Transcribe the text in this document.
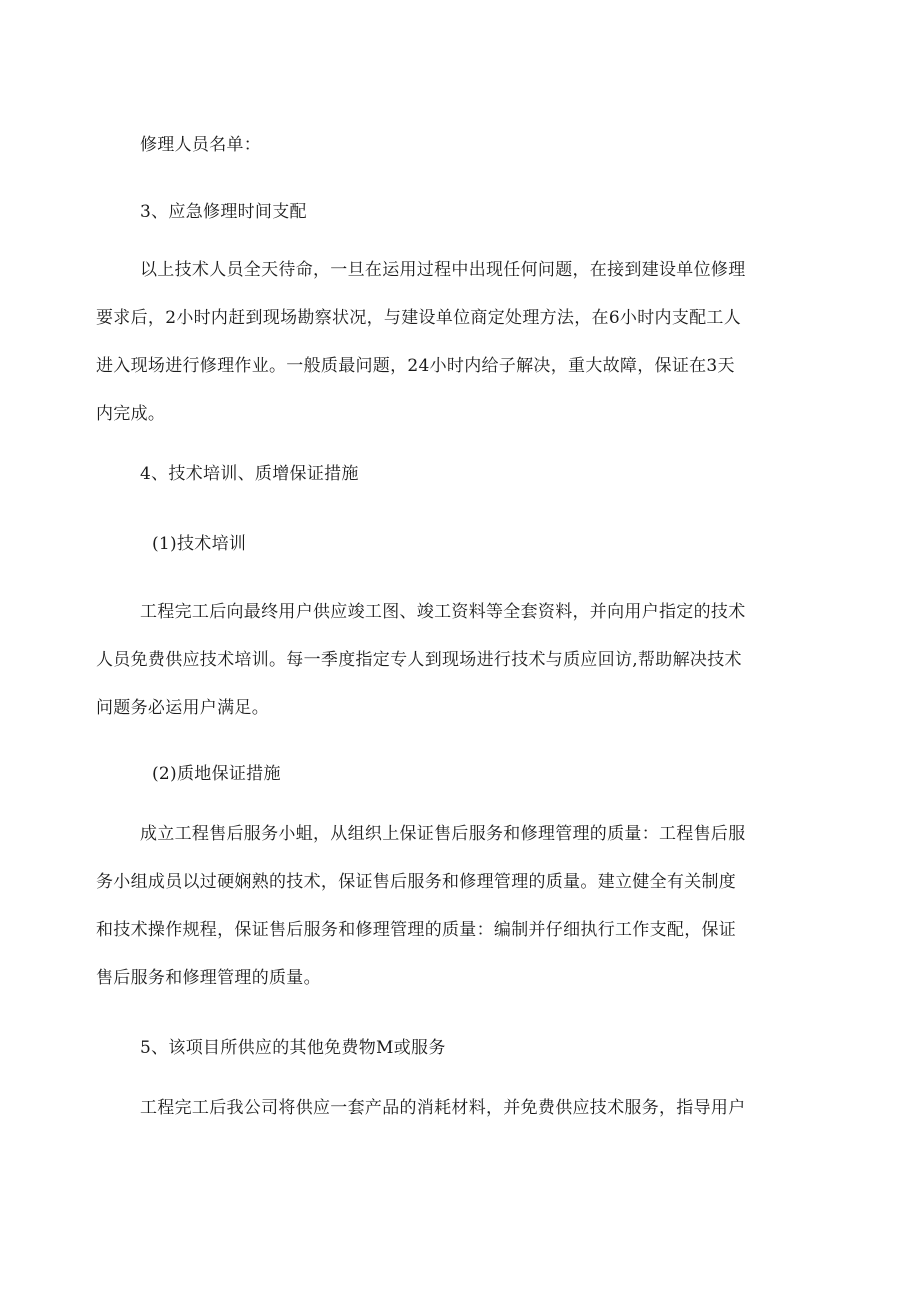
修理人员名单：
3、应急修理时间支配
以上技术人员全天待命，一旦在运用过程中出现任何问题，在接到建设单位修理
要求后，2小时内赶到现场勘察状况，与建设单位商定处理方法，在6小时内支配工人
进入现场进行修理作业。一般质最问题，24小时内给子解决，重大故障，保证在3天
内完成。
4、技术培训、质增保证措施
(1)技术培训
工程完工后向最终用户供应竣工图、竣工资料等全套资料，并向用户指定的技术
人员免费供应技术培训。每一季度指定专人到现场进行技术与质应回访,帮助解决技术
问题务必运用户满足。
(2)质地保证措施
成立工程售后服务小蛆，从组织上保证售后服务和修理管理的质量：工程售后服
务小组成员以过硬娴熟的技术，保证售后服务和修理管理的质量。建立健全有关制度
和技术操作规程，保证售后服务和修理管理的质量：编制并仔细执行工作支配，保证
售后服务和修理管理的质量。
5、该项目所供应的其他免费物M或服务
工程完工后我公司将供应一套产品的消耗材料，并免费供应技术服务，指导用户
